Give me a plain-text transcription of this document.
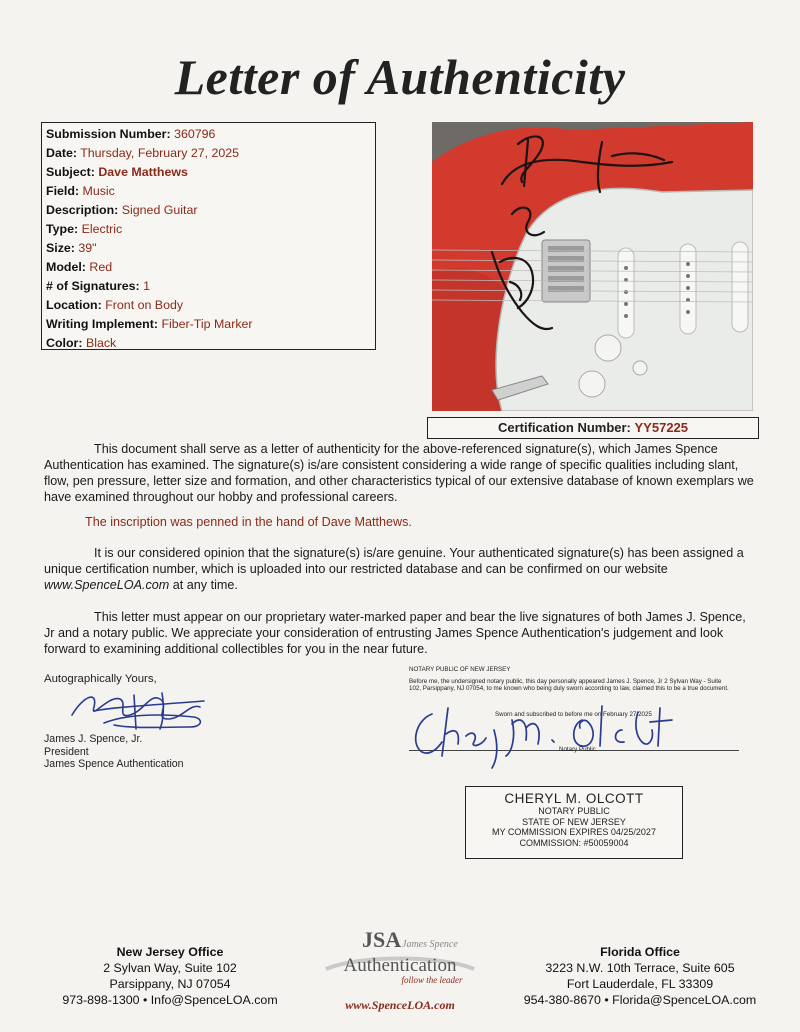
Letter of Authenticity
Submission Number: 360796
Date: Thursday, February 27, 2025
Subject: Dave Matthews
Field: Music
Description: Signed Guitar
Type: Electric
Size: 39"
Model: Red
# of Signatures: 1
Location: Front on Body
Writing Implement: Fiber-Tip Marker
Color: Black
Certification Number: YY57225
This document shall serve as a letter of authenticity for the above-referenced signature(s), which James Spence Authentication has examined. The signature(s) is/are consistent considering a wide range of specific qualities including slant, flow, pen pressure, letter size and formation, and other characteristics typical of our extensive database of known exemplars we have examined throughout our hobby and professional careers.
The inscription was penned in the hand of Dave Matthews.
It is our considered opinion that the signature(s) is/are genuine. Your authenticated signature(s) has been assigned a unique certification number, which is uploaded into our restricted database and can be confirmed on our website www.SpenceLOA.com at any time.
This letter must appear on our proprietary water-marked paper and bear the live signatures of both James J. Spence, Jr and a notary public. We appreciate your consideration of entrusting James Spence Authentication's judgement and look forward to examining additional collectibles for you in the near future.
Autographically Yours,
James J. Spence, Jr.
President
James Spence Authentication
NOTARY PUBLIC OF NEW JERSEY
Before me, the undersigned notary public, this day personally appeared James J. Spence, Jr 2 Sylvan Way - Suite 102, Parsippany, NJ 07054, to me known who being duly sworn according to law, claimed this to be a true document.
Sworn and subscribed to before me on February 27 2025
Notary Public
CHERYL M. OLCOTT
NOTARY PUBLIC
STATE OF NEW JERSEY
MY COMMISSION EXPIRES 04/25/2027
COMMISSION: #50059004
New Jersey Office
2 Sylvan Way, Suite 102
Parsippany, NJ 07054
973-898-1300 • Info@SpenceLOA.com
JSA James Spence
Authentication
follow the leader
www.SpenceLOA.com
Florida Office
3223 N.W. 10th Terrace, Suite 605
Fort Lauderdale, FL 33309
954-380-8670 • Florida@SpenceLOA.com
